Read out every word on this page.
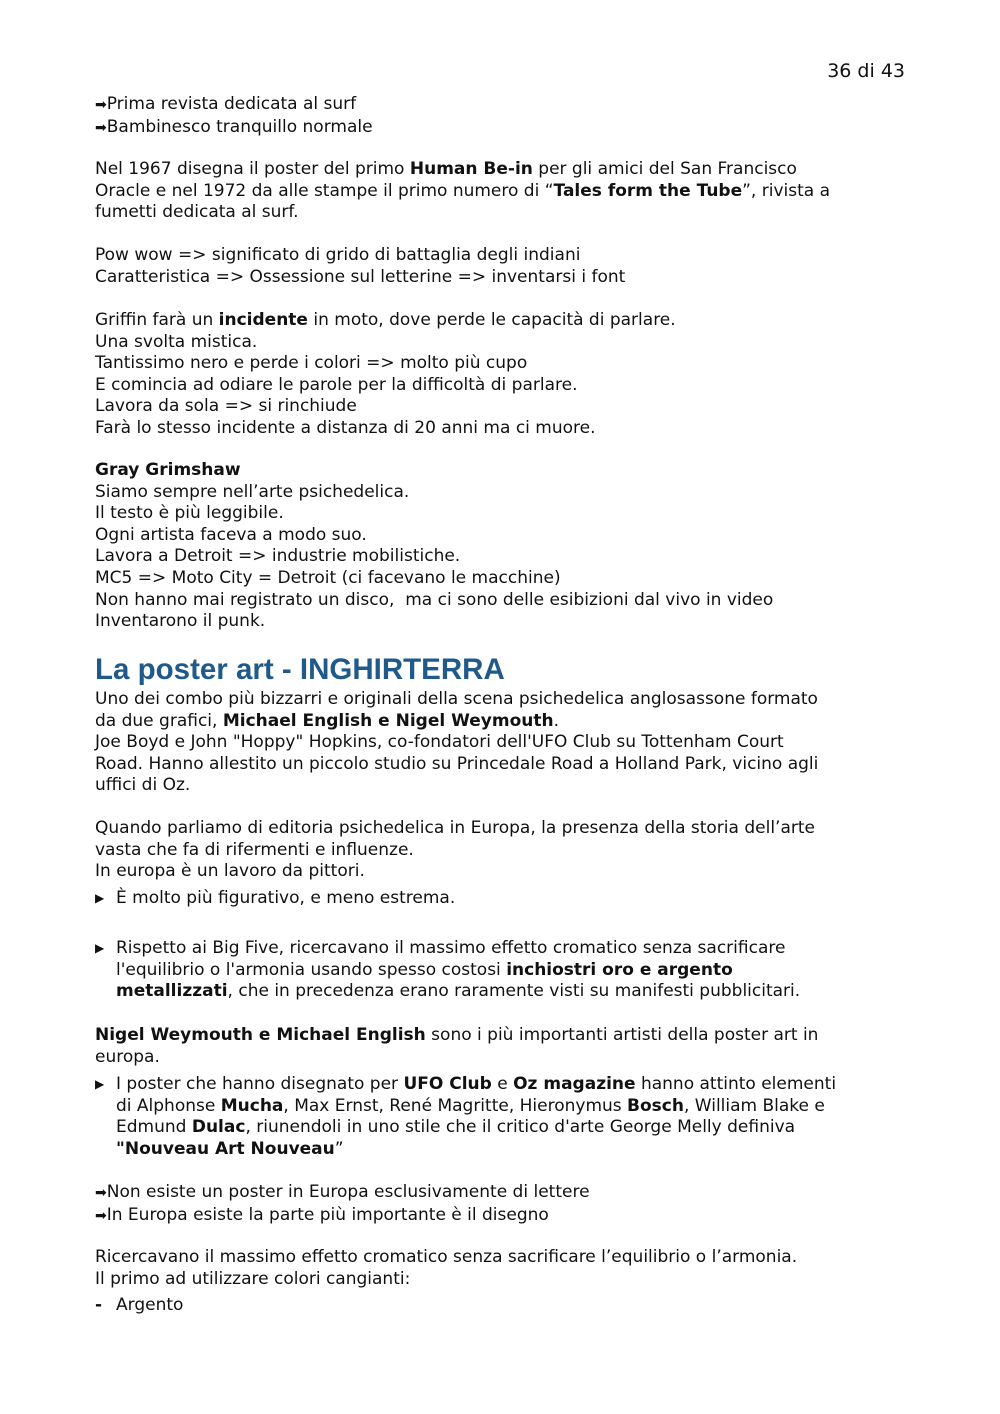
36 di 43
➡Prima revista dedicata al surf
➡Bambinesco tranquillo normale
Nel 1967 disegna il poster del primo Human Be-in per gli amici del San Francisco
Oracle e nel 1972 da alle stampe il primo numero di “Tales form the Tube”, rivista a
fumetti dedicata al surf.
Pow wow => significato di grido di battaglia degli indiani
Caratteristica => Ossessione sul letterine => inventarsi i font
Griffin farà un incidente in moto, dove perde le capacità di parlare.
Una svolta mistica.
Tantissimo nero e perde i colori => molto più cupo
E comincia ad odiare le parole per la difficoltà di parlare.
Lavora da sola => si rinchiude
Farà lo stesso incidente a distanza di 20 anni ma ci muore.
Gray Grimshaw
Siamo sempre nell’arte psichedelica.
Il testo è più leggibile.
Ogni artista faceva a modo suo.
Lavora a Detroit => industrie mobilistiche.
MC5 => Moto City = Detroit (ci facevano le macchine)
Non hanno mai registrato un disco,  ma ci sono delle esibizioni dal vivo in video
Inventarono il punk.
La poster art - INGHIRTERRA
Uno dei combo più bizzarri e originali della scena psichedelica anglosassone formato
da due grafici, Michael English e Nigel Weymouth.
Joe Boyd e John "Hoppy" Hopkins, co-fondatori dell'UFO Club su Tottenham Court
Road. Hanno allestito un piccolo studio su Princedale Road a Holland Park, vicino agli
uffici di Oz.
Quando parliamo di editoria psichedelica in Europa, la presenza della storia dell’arte
vasta che fa di rifermenti e influenze.
In europa è un lavoro da pittori.
▶ È molto più figurativo, e meno estrema.
▶ Rispetto ai Big Five, ricercavano il massimo effetto cromatico senza sacrificare
l'equilibrio o l'armonia usando spesso costosi inchiostri oro e argento
metallizzati, che in precedenza erano raramente visti su manifesti pubblicitari.
Nigel Weymouth e Michael English sono i più importanti artisti della poster art in
europa.
▶ I poster che hanno disegnato per UFO Club e Oz magazine hanno attinto elementi
di Alphonse Mucha, Max Ernst, René Magritte, Hieronymus Bosch, William Blake e
Edmund Dulac, riunendoli in uno stile che il critico d'arte George Melly definiva
"Nouveau Art Nouveau”
➡Non esiste un poster in Europa esclusivamente di lettere
➡In Europa esiste la parte più importante è il disegno
Ricercavano il massimo effetto cromatico senza sacrificare l’equilibrio o l’armonia.
Il primo ad utilizzare colori cangianti:
- Argento
